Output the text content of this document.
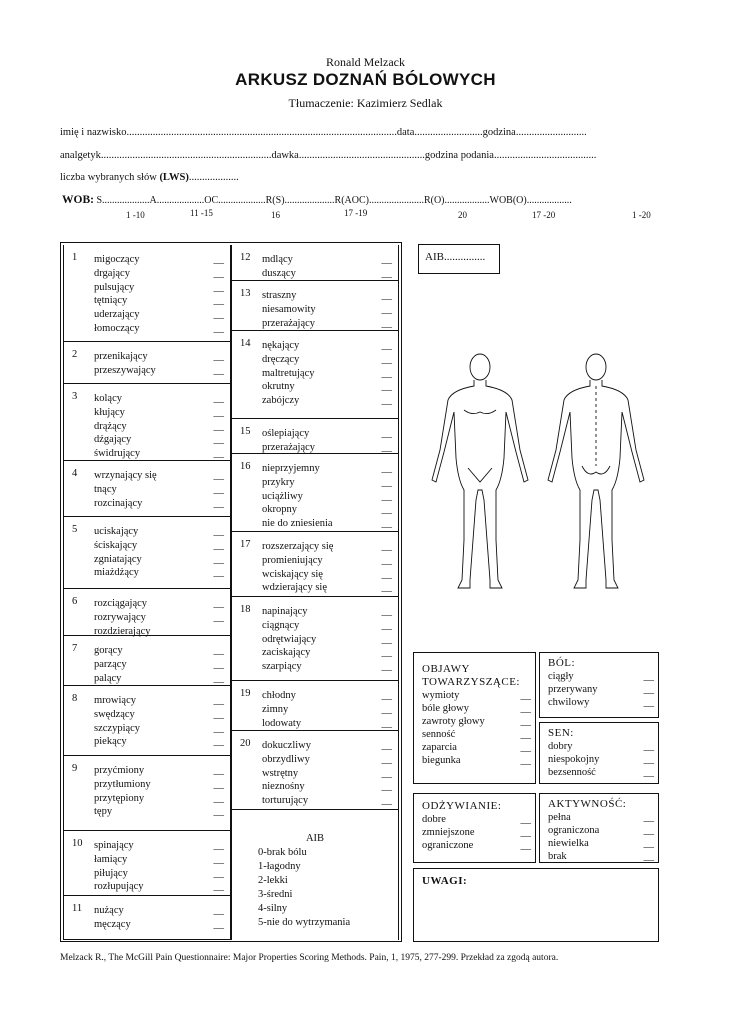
Ronald Melzack
ARKUSZ DOZNAŃ BÓLOWYCH
Tłumaczenie: Kazimierz Sedlak
imię i nazwisko.......................................................................................................data..........................godzina...........................
analgetyk.................................................................dawka................................................godzina podania.......................................
liczba wybranych słów (LWS)...................
WOB: S...................A...................OC...................R(S)....................R(AOC)......................R(O)..................WOB(O)..................
1 -10	11 -15	16	17 -19	20	17 -20	1 -20
1 migoczący	__
drgający	__
pulsujący	__
tętniący	__
uderzający	__
łomoczący	__
2 przenikający	__
przeszywający	__
3 kolący	__
kłujący	__
drążący	__
dźgający	__
świdrujący	__
4 wrzynający się	__
tnący	__
rozcinający	__
5 uciskający	__
ściskający	__
zgniatający	__
miażdżący	__
6 rozciągający	__
rozrywający	__
rozdzierający	__
7 gorący	__
parzący	__
palący	__
8 mrowiący	__
swędzący	__
szczypiący	__
piekący	__
9 przyćmiony	__
przytłumiony	__
przytępiony	__
tępy	__
10 spinający	__
łamiący	__
piłujący	__
rozłupujący	__
11 nużący	__
męczący	__
12 mdlący	__
duszący	__
13 straszny	__
niesamowity	__
przerażający	__
14 nękający	__
dręczący	__
maltretujący	__
okrutny	__
zabójczy	__
15 oślepiający	__
przerażający	__
16 nieprzyjemny	__
przykry	__
uciążliwy	__
okropny	__
nie do zniesienia	__
17 rozszerzający się	__
promieniujący	__
wciskający się	__
wdzierający się	__
18 napinający	__
ciągnący	__
odrętwiający	__
zaciskający	__
szarpiący	__
19 chłodny	__
zimny	__
lodowaty	__
20 dokuczliwy	__
obrzydliwy	__
wstrętny	__
nieznośny	__
torturujący	__
AIB
0-brak bólu
1-łagodny
2-lekki
3-średni
4-silny
5-nie do wytrzymania
AIB...............
OBJAWY
TOWARZYSZĄCE:
wymioty	__
bóle głowy	__
zawroty głowy	__
senność	__
zaparcia	__
biegunka	__
BÓL:
ciągły	__
przerywany	__
chwilowy	__
SEN:
dobry	__
niespokojny	__
bezsenność	__
ODŻYWIANIE:
dobre	__
zmniejszone	__
ograniczone	__
AKTYWNOŚĆ:
pełna	__
ograniczona	__
niewielka	__
brak	__
UWAGI:
Melzack R., The McGill Pain Questionnaire: Major Properties Scoring Methods. Pain, 1, 1975, 277-299. Przekład za zgodą autora.
